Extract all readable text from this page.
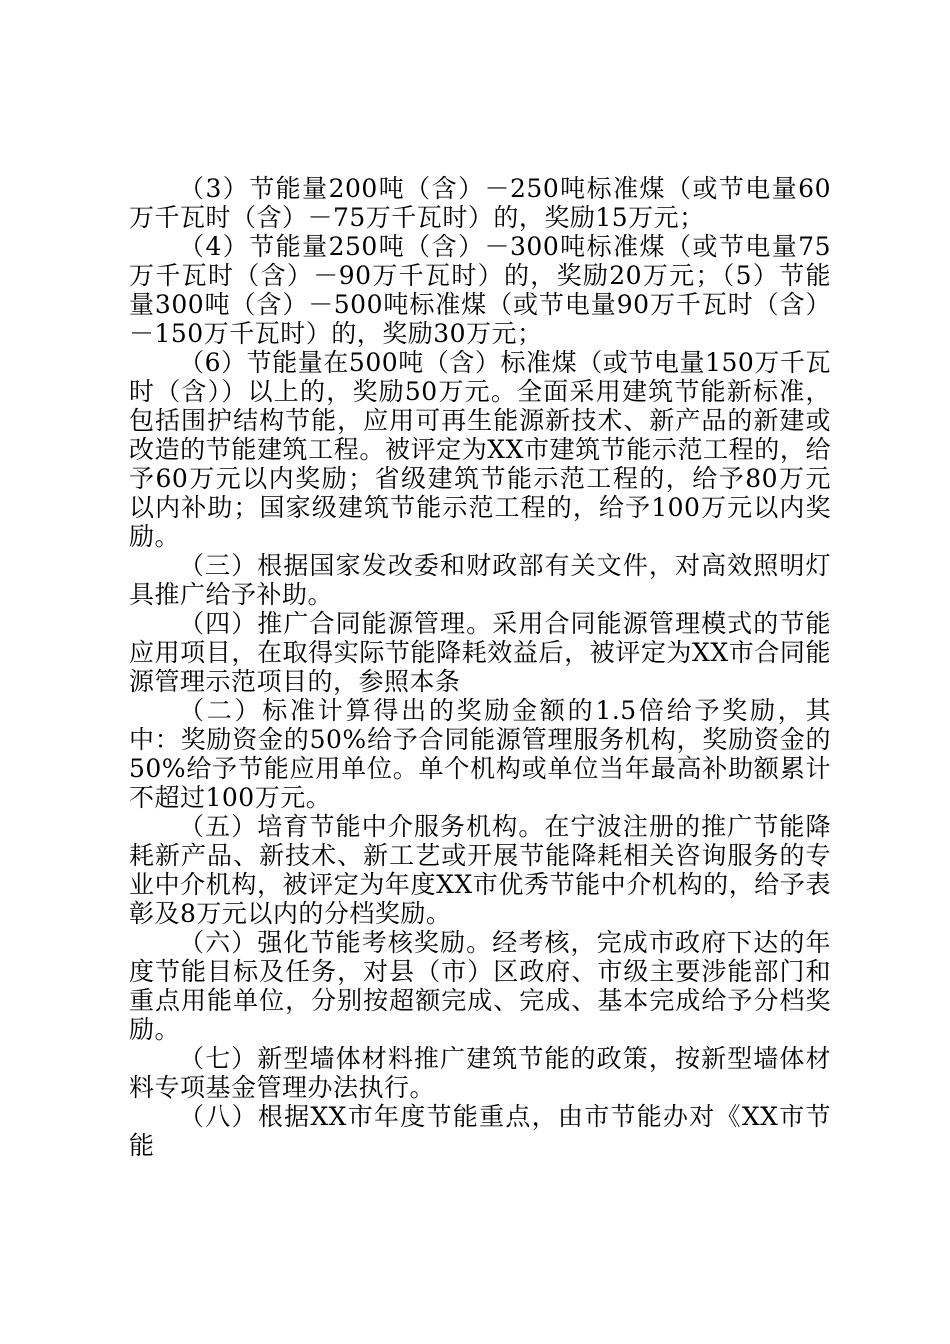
（3）节能量200吨（含）－250吨标准煤（或节电量60万千瓦时（含）－75万千瓦时）的，奖励15万元；

（4）节能量250吨（含）－300吨标准煤（或节电量75万千瓦时（含）－90万千瓦时）的，奖励20万元；（5）节能量300吨（含）－500吨标准煤（或节电量90万千瓦时（含）－150万千瓦时）的，奖励30万元；

（6）节能量在500吨（含）标准煤（或节电量150万千瓦时（含））以上的，奖励50万元。全面采用建筑节能新标准，包括围护结构节能，应用可再生能源新技术、新产品的新建或改造的节能建筑工程。被评定为XX市建筑节能示范工程的，给予60万元以内奖励；省级建筑节能示范工程的，给予80万元以内补助；国家级建筑节能示范工程的，给予100万元以内奖励。

（三）根据国家发改委和财政部有关文件，对高效照明灯具推广给予补助。

（四）推广合同能源管理。采用合同能源管理模式的节能应用项目，在取得实际节能降耗效益后，被评定为XX市合同能源管理示范项目的，参照本条

（二）标准计算得出的奖励金额的1.5倍给予奖励，其中：奖励资金的50%给予合同能源管理服务机构，奖励资金的50%给予节能应用单位。单个机构或单位当年最高补助额累计不超过100万元。

（五）培育节能中介服务机构。在宁波注册的推广节能降耗新产品、新技术、新工艺或开展节能降耗相关咨询服务的专业中介机构，被评定为年度XX市优秀节能中介机构的，给予表彰及8万元以内的分档奖励。

（六）强化节能考核奖励。经考核，完成市政府下达的年度节能目标及任务，对县（市）区政府、市级主要涉能部门和重点用能单位，分别按超额完成、完成、基本完成给予分档奖励。

（七）新型墙体材料推广建筑节能的政策，按新型墙体材料专项基金管理办法执行。

（八）根据XX市年度节能重点，由市节能办对《XX市节能
